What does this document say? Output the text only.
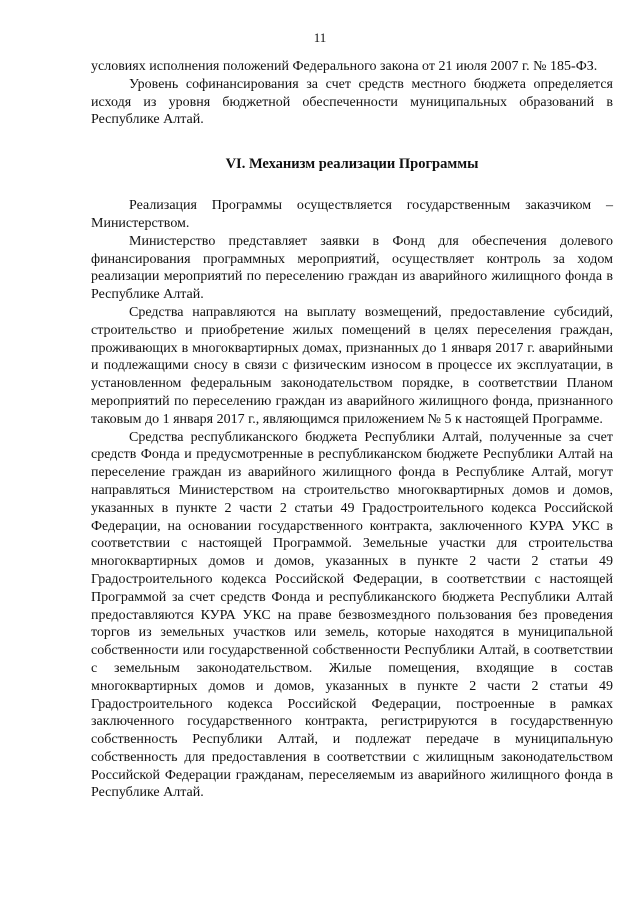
11

условиях исполнения положений Федерального закона от 21 июля 2007 г. № 185-ФЗ.

Уровень софинансирования за счет средств местного бюджета определяется исходя из уровня бюджетной обеспеченности муниципальных образований в Республике Алтай.

VI. Механизм реализации Программы

Реализация Программы осуществляется государственным заказчиком – Министерством.

Министерство представляет заявки в Фонд для обеспечения долевого финансирования программных мероприятий, осуществляет контроль за ходом реализации мероприятий по переселению граждан из аварийного жилищного фонда в Республике Алтай.

Средства направляются на выплату возмещений, предоставление субсидий, строительство и приобретение жилых помещений в целях переселения граждан, проживающих в многоквартирных домах, признанных до 1 января 2017 г. аварийными и подлежащими сносу в связи с физическим износом в процессе их эксплуатации, в установленном федеральным законодательством порядке, в соответствии Планом мероприятий по переселению граждан из аварийного жилищного фонда, признанного таковым до 1 января 2017 г., являющимся приложением № 5 к настоящей Программе.

Средства республиканского бюджета Республики Алтай, полученные за счет средств Фонда и предусмотренные в республиканском бюджете Республики Алтай на переселение граждан из аварийного жилищного фонда в Республике Алтай, могут направляться Министерством на строительство многоквартирных домов и домов, указанных в пункте 2 части 2 статьи 49 Градостроительного кодекса Российской Федерации, на основании государственного контракта, заключенного КУРА УКС в соответствии с настоящей Программой. Земельные участки для строительства многоквартирных домов и домов, указанных в пункте 2 части 2 статьи 49 Градостроительного кодекса Российской Федерации, в соответствии с настоящей Программой за счет средств Фонда и республиканского бюджета Республики Алтай предоставляются КУРА УКС на праве безвозмездного пользования без проведения торгов из земельных участков или земель, которые находятся в муниципальной собственности или государственной собственности Республики Алтай, в соответствии с земельным законодательством. Жилые помещения, входящие в состав многоквартирных домов и домов, указанных в пункте 2 части 2 статьи 49 Градостроительного кодекса Российской Федерации, построенные в рамках заключенного государственного контракта, регистрируются в государственную собственность Республики Алтай, и подлежат передаче в муниципальную собственность для предоставления в соответствии с жилищным законодательством Российской Федерации гражданам, переселяемым из аварийного жилищного фонда в Республике Алтай.
